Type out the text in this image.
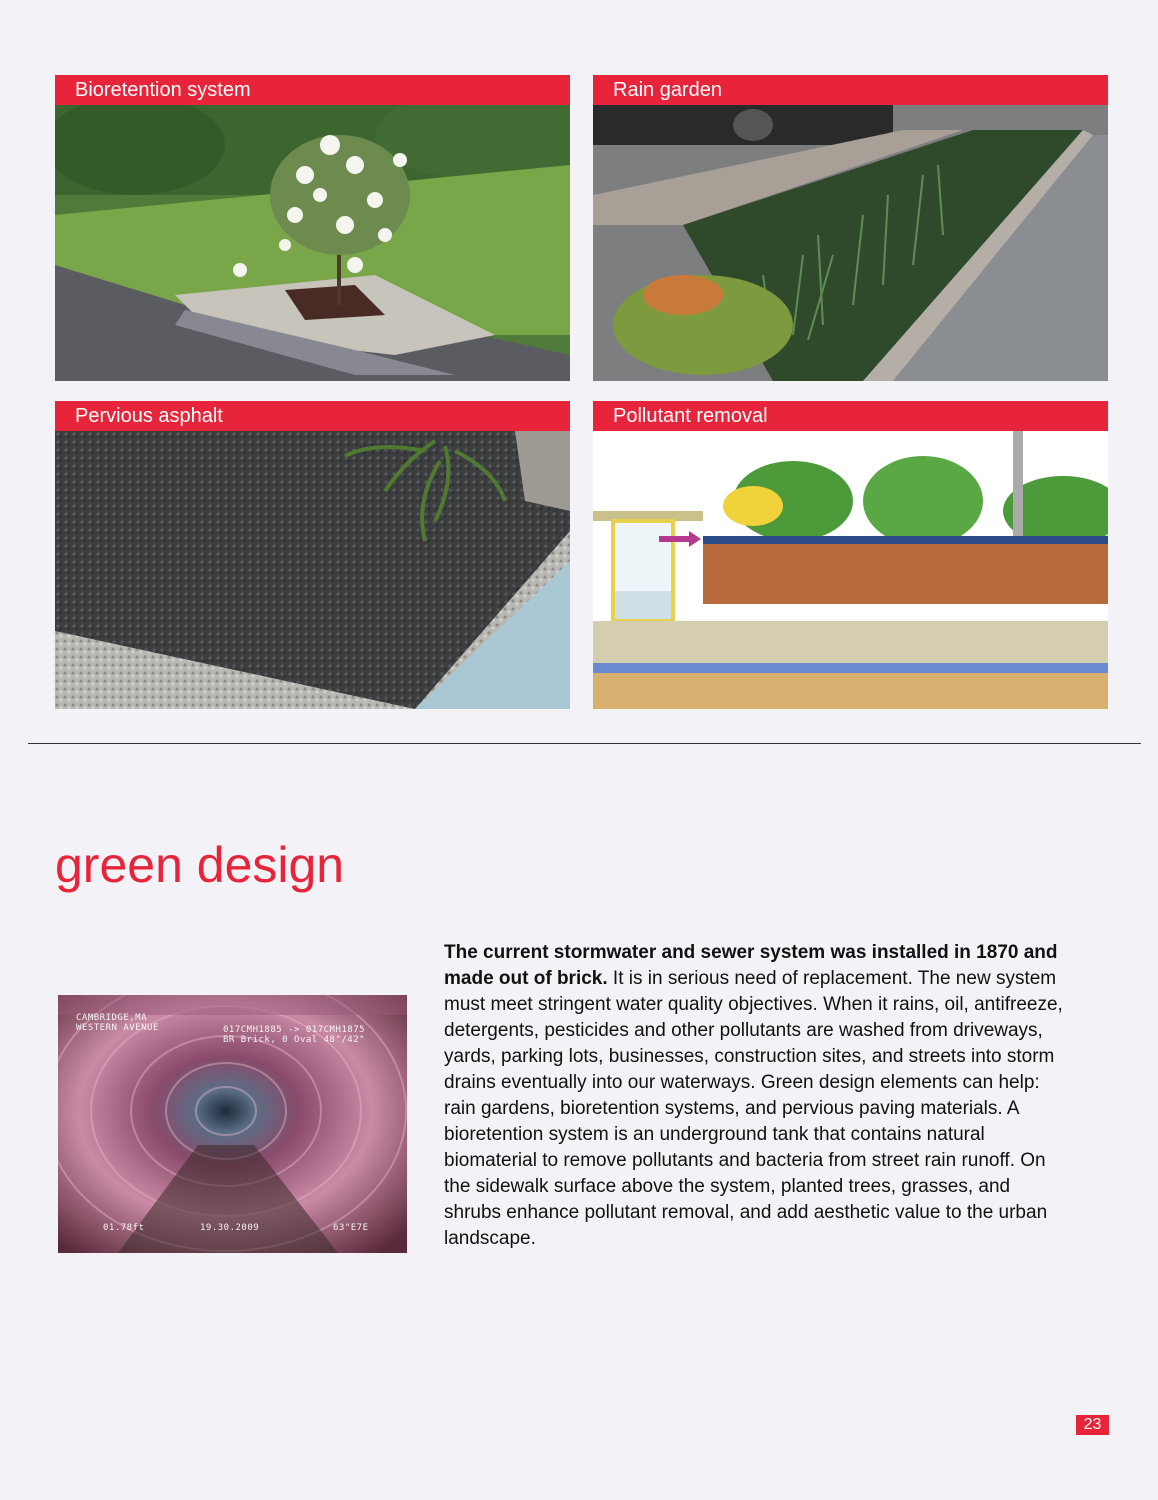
Bioretention system	Rain garden
Pervious asphalt	Pollutant removal
green design
CAMBRIDGE,MA
WESTERN AVENUE	017CMH1885 -> 017CMH1875
BR Brick, 0 Oval 48"/42"
01.78ft	19.30.2009	63"E7E
The current stormwater and sewer system was installed in 1870 and made out of brick. It is in serious need of replacement. The new system must meet stringent water quality objectives. When it rains, oil, antifreeze, detergents, pesticides and other pollutants are washed from driveways, yards, parking lots, businesses, construction sites, and streets into storm drains eventually into our waterways. Green design elements can help: rain gardens, bioretention systems, and pervious paving materials. A bioretention system is an underground tank that contains natural biomaterial to remove pollutants and bacteria from street rain runoff. On the sidewalk surface above the system, planted trees, grasses, and shrubs enhance pollutant removal, and add aesthetic value to the urban landscape.
23
